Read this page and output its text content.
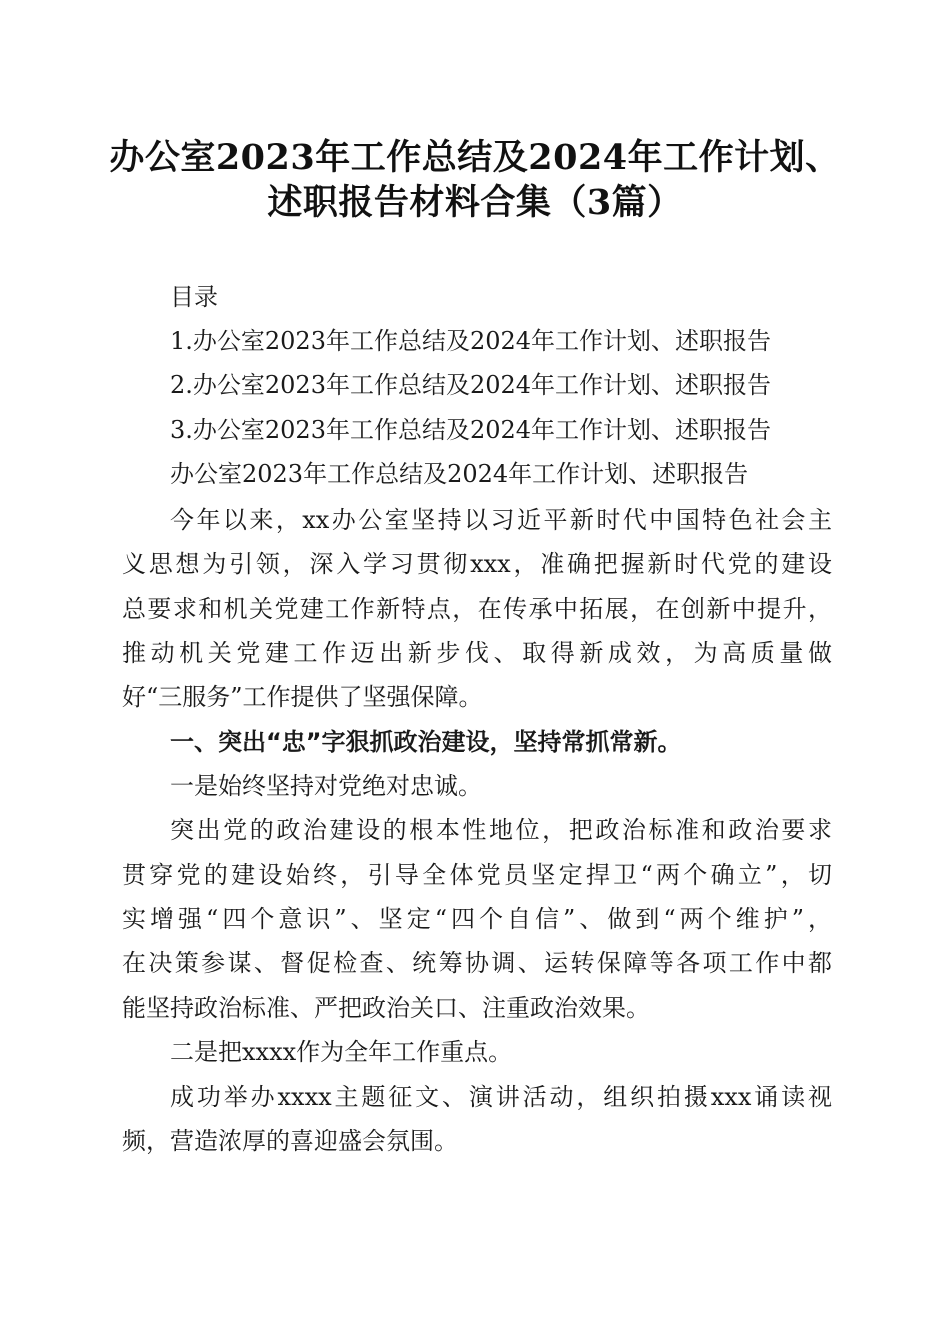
办公室2023年工作总结及2024年工作计划、
述职报告材料合集（3篇）
目录
1.办公室2023年工作总结及2024年工作计划、述职报告
2.办公室2023年工作总结及2024年工作计划、述职报告
3.办公室2023年工作总结及2024年工作计划、述职报告
办公室2023年工作总结及2024年工作计划、述职报告
今年以来，xx办公室坚持以习近平新时代中国特色社会主
义思想为引领，深入学习贯彻xxx，准确把握新时代党的建设
总要求和机关党建工作新特点，在传承中拓展，在创新中提升，
推动机关党建工作迈出新步伐、取得新成效，为高质量做
好“三服务”工作提供了坚强保障。
一、突出“忠”字狠抓政治建设，坚持常抓常新。
一是始终坚持对党绝对忠诚。
突出党的政治建设的根本性地位，把政治标准和政治要求
贯穿党的建设始终，引导全体党员坚定捍卫“两个确立”，切
实增强“四个意识”、坚定“四个自信”、做到“两个维护”，
在决策参谋、督促检查、统筹协调、运转保障等各项工作中都
能坚持政治标准、严把政治关口、注重政治效果。
二是把xxxx作为全年工作重点。
成功举办xxxx主题征文、演讲活动，组织拍摄xxx诵读视
频，营造浓厚的喜迎盛会氛围。
